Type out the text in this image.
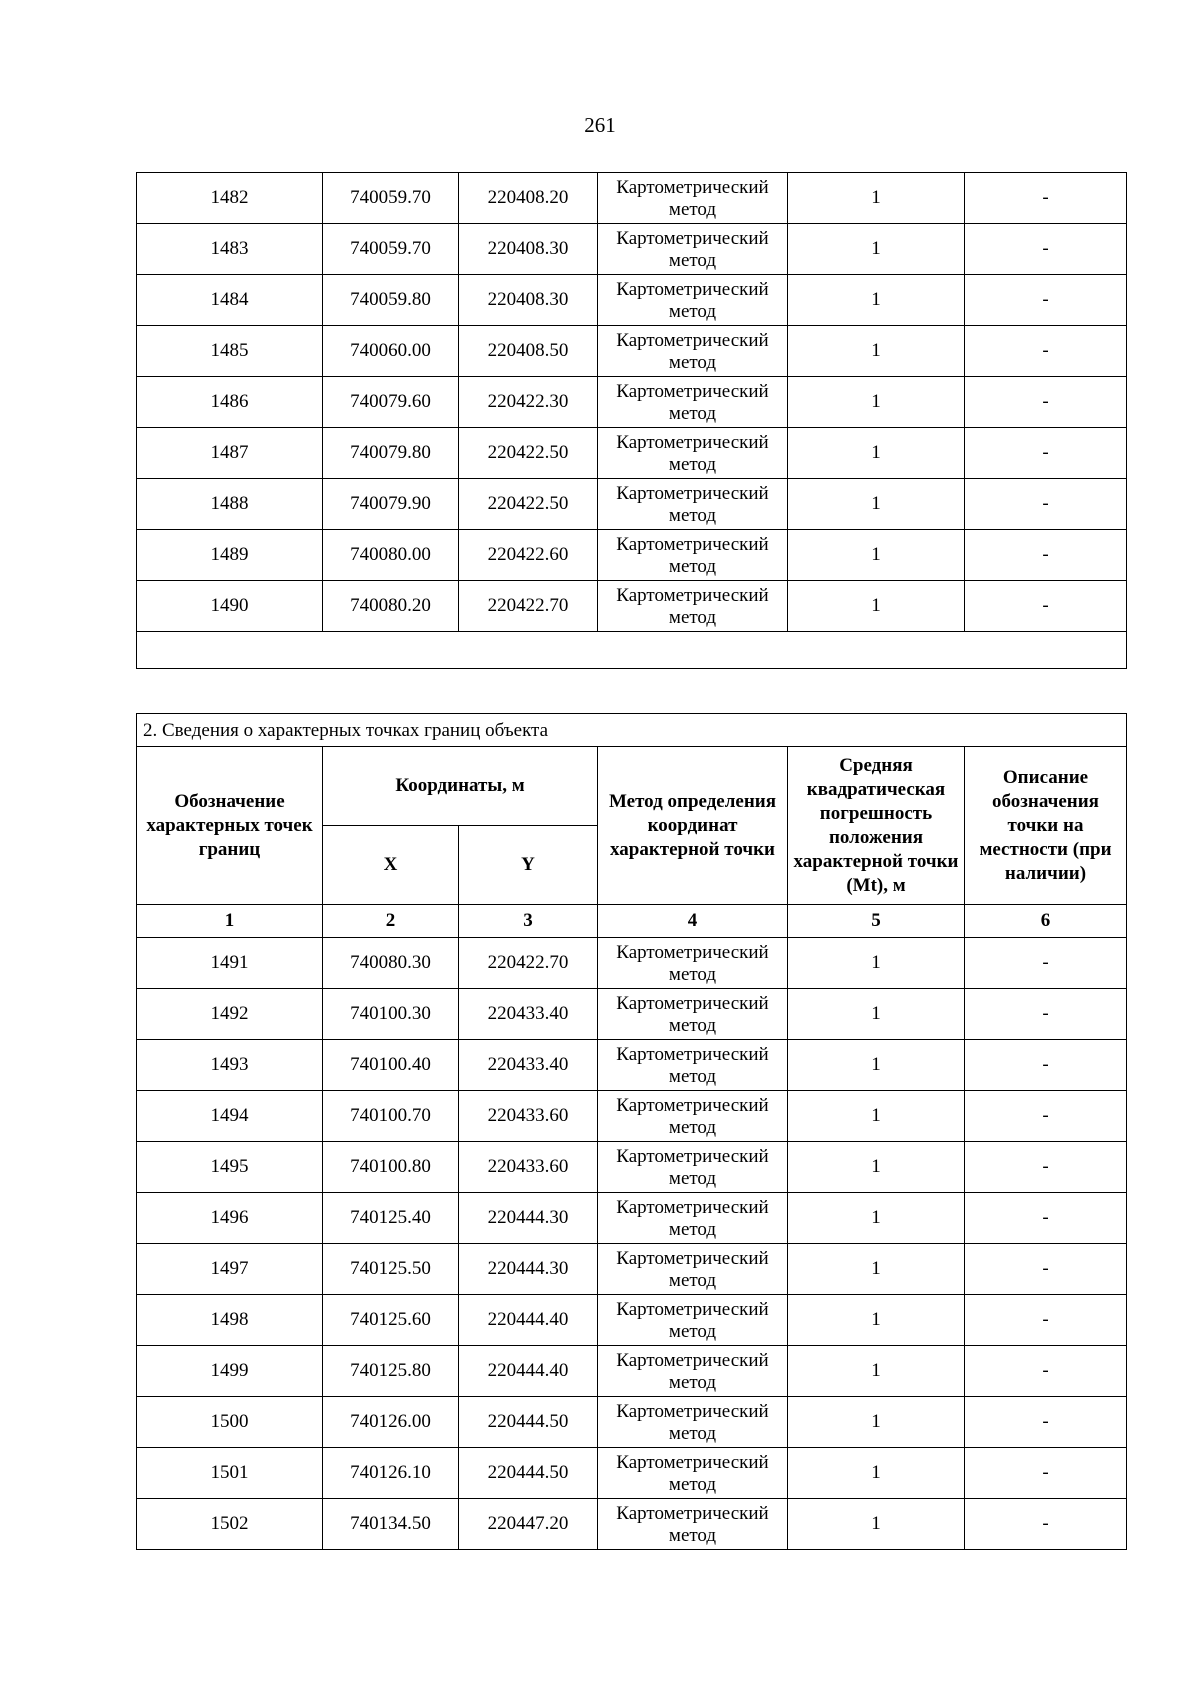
261
1482	740059.70	220408.20	Картометрический метод	1	-
1483	740059.70	220408.30	Картометрический метод	1	-
1484	740059.80	220408.30	Картометрический метод	1	-
1485	740060.00	220408.50	Картометрический метод	1	-
1486	740079.60	220422.30	Картометрический метод	1	-
1487	740079.80	220422.50	Картометрический метод	1	-
1488	740079.90	220422.50	Картометрический метод	1	-
1489	740080.00	220422.60	Картометрический метод	1	-
1490	740080.20	220422.70	Картометрический метод	1	-

2. Сведения о характерных точках границ объекта					

Обозначение характерных точек границ	Координаты, м		Метод определения координат характерной точки	Средняя квадратическая погрешность положения характерной точки (Mt), м	Описание обозначения точки на местности (при наличии)

	X	Y			
1	2	3	4	5	6
1491	740080.30	220422.70	Картометрический метод	1	-
1492	740100.30	220433.40	Картометрический метод	1	-
1493	740100.40	220433.40	Картометрический метод	1	-
1494	740100.70	220433.60	Картометрический метод	1	-
1495	740100.80	220433.60	Картометрический метод	1	-
1496	740125.40	220444.30	Картометрический метод	1	-
1497	740125.50	220444.30	Картометрический метод	1	-
1498	740125.60	220444.40	Картометрический метод	1	-
1499	740125.80	220444.40	Картометрический метод	1	-
1500	740126.00	220444.50	Картометрический метод	1	-
1501	740126.10	220444.50	Картометрический метод	1	-
1502	740134.50	220447.20	Картометрический метод	1	-
